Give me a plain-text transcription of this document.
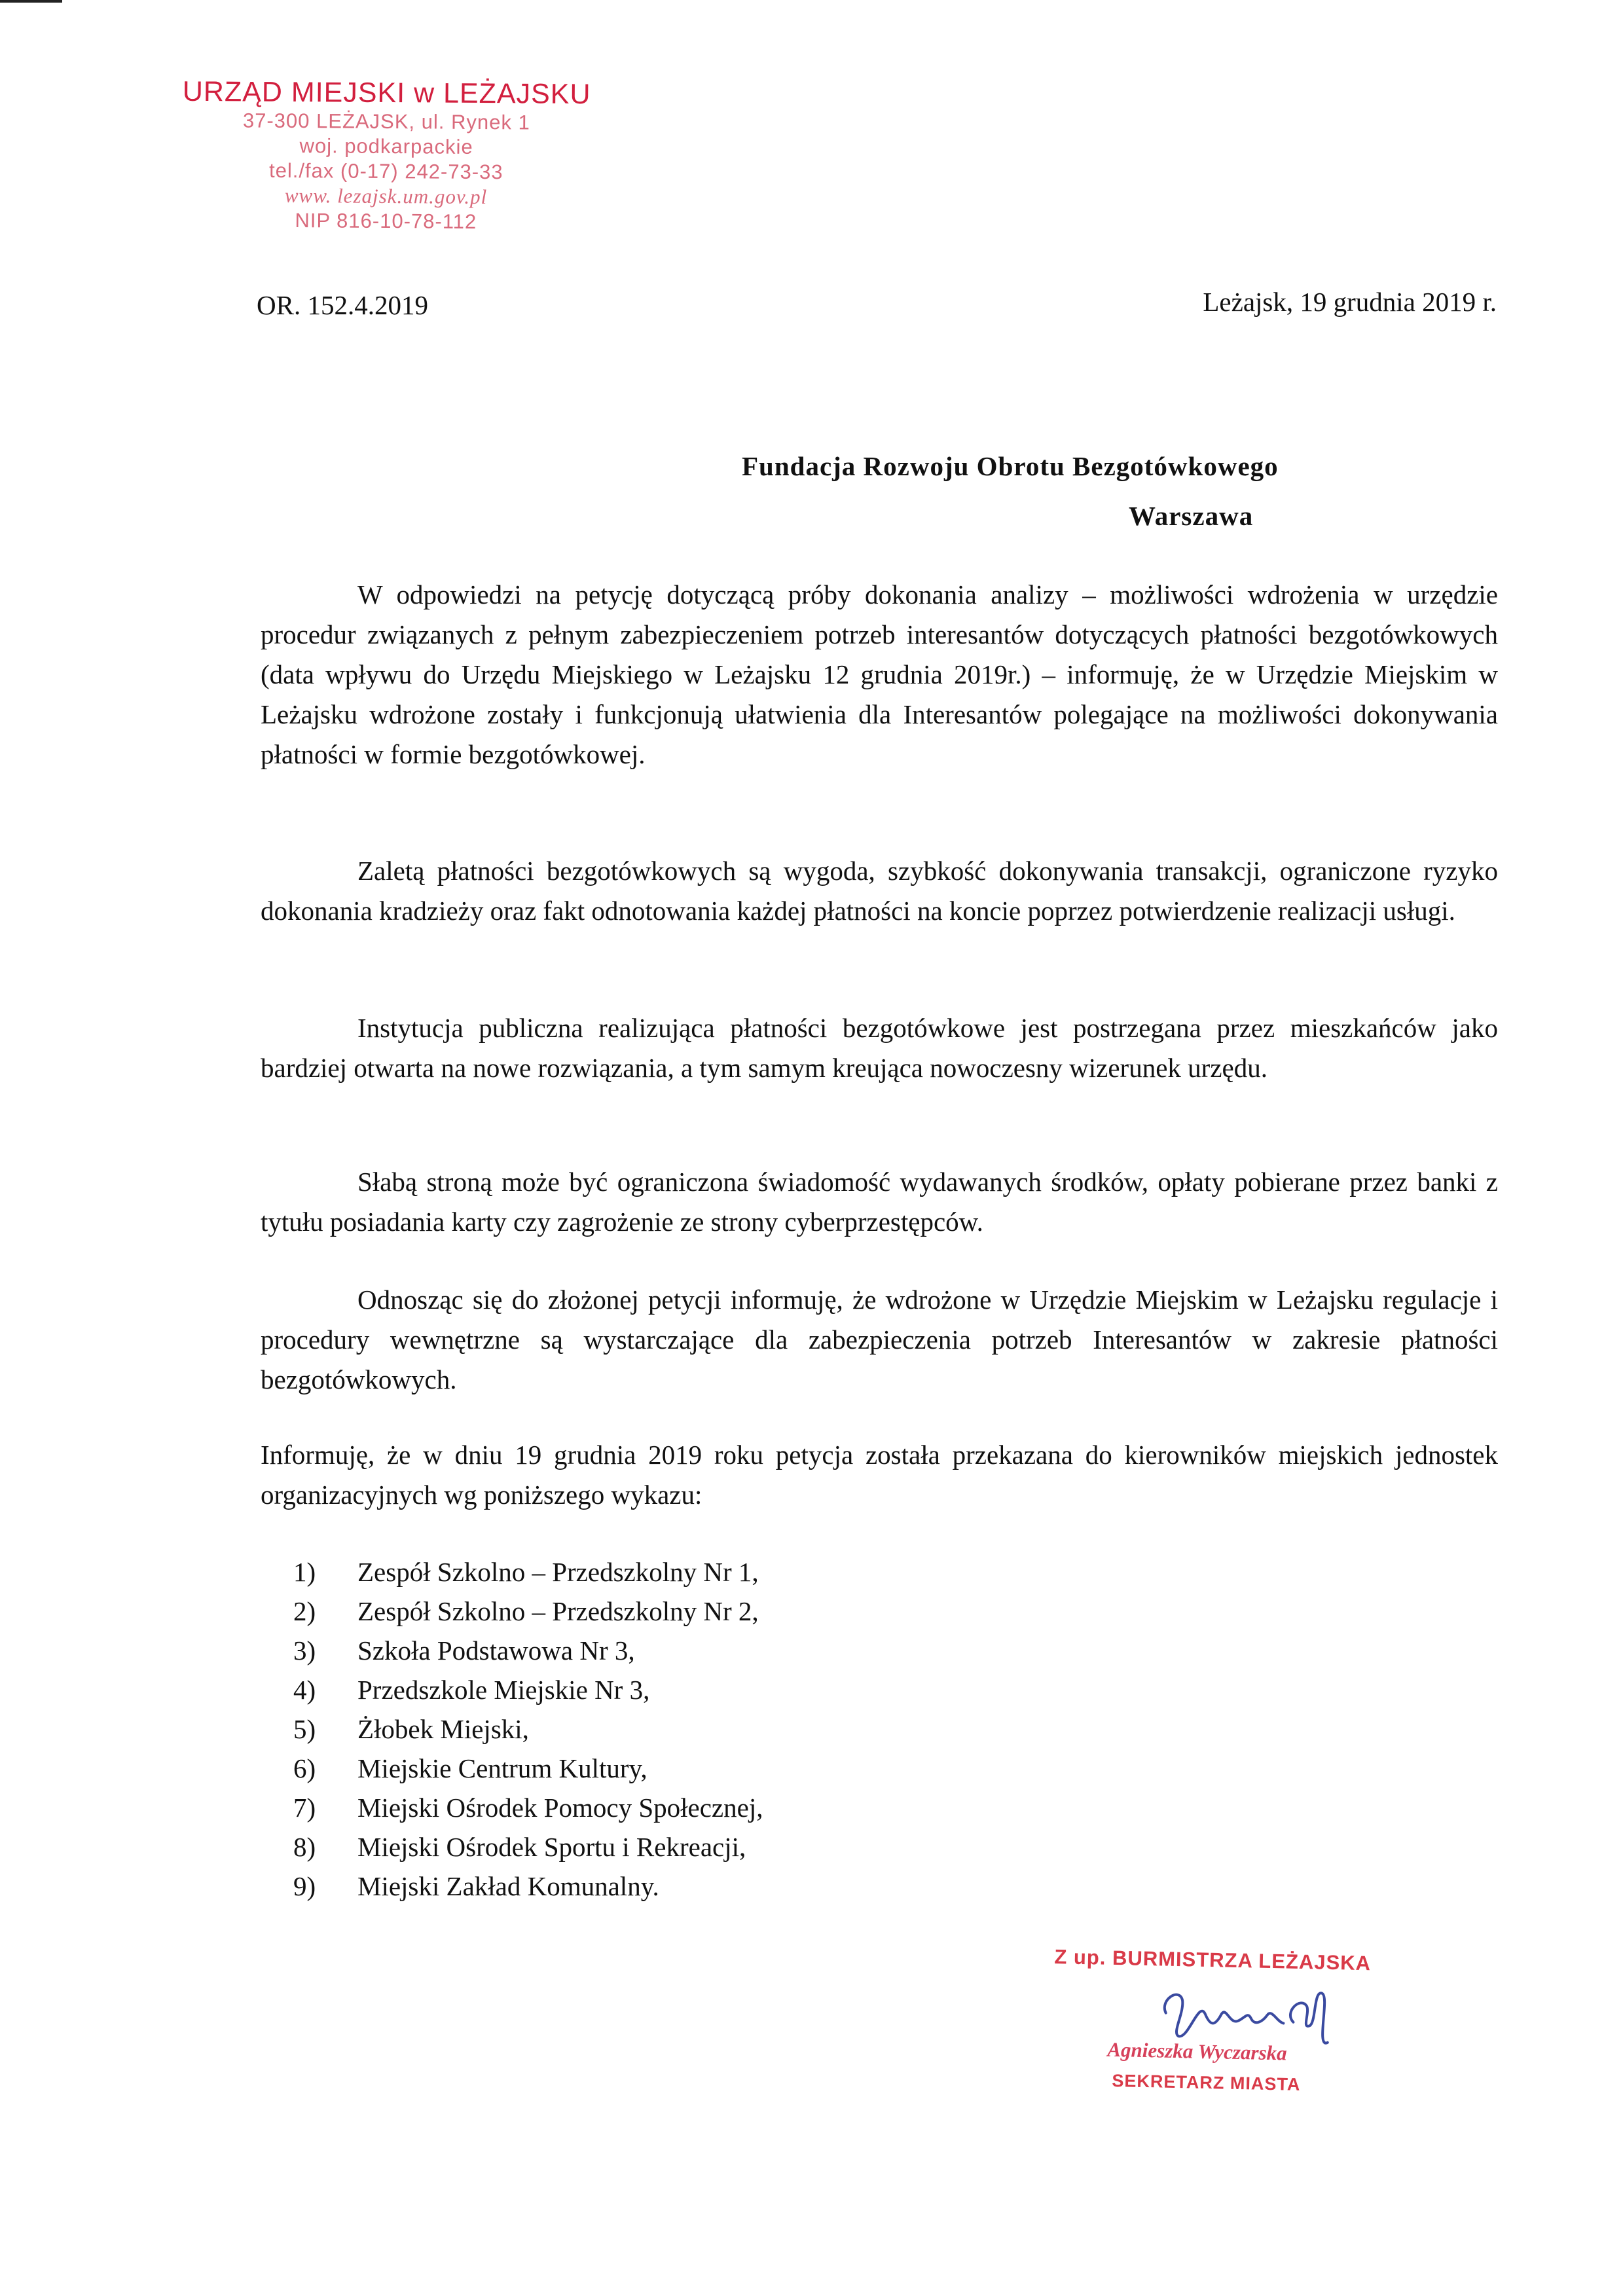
URZĄD MIEJSKI w LEŻAJSKU
37-300 LEŻAJSK, ul. Rynek 1
woj. podkarpackie
tel./fax (0-17) 242-73-33
www. lezajsk.um.gov.pl
NIP 816-10-78-112
OR. 152.4.2019	Leżajsk, 19 grudnia 2019 r.
Fundacja Rozwoju Obrotu Bezgotówkowego
Warszawa

W odpowiedzi na petycję dotyczącą próby dokonania analizy – możliwości wdrożenia w urzędzie procedur związanych z pełnym zabezpieczeniem potrzeb interesantów dotyczących płatności bezgotówkowych (data wpływu do Urzędu Miejskiego w Leżajsku 12 grudnia 2019r.) – informuję, że w Urzędzie Miejskim w Leżajsku wdrożone zostały i funkcjonują ułatwienia dla Interesantów polegające na możliwości dokonywania płatności w formie bezgotówkowej.

Zaletą płatności bezgotówkowych są wygoda, szybkość dokonywania transakcji, ograniczone ryzyko dokonania kradzieży oraz fakt odnotowania każdej płatności na koncie poprzez potwierdzenie realizacji usługi.

Instytucja publiczna realizująca płatności bezgotówkowe jest postrzegana przez mieszkańców jako bardziej otwarta na nowe rozwiązania, a tym samym kreująca nowoczesny wizerunek urzędu.

Słabą stroną może być ograniczona świadomość wydawanych środków, opłaty pobierane przez banki z tytułu posiadania karty czy zagrożenie ze strony cyberprzestępców.

Odnosząc się do złożonej petycji informuję, że wdrożone w Urzędzie Miejskim w Leżajsku regulacje i procedury wewnętrzne są wystarczające dla zabezpieczenia potrzeb Interesantów w zakresie płatności bezgotówkowych.

Informuję, że w dniu 19 grudnia 2019 roku petycja została przekazana do kierowników miejskich jednostek organizacyjnych wg poniższego wykazu:

1)	Zespół Szkolno – Przedszkolny Nr 1,
2)	Zespół Szkolno – Przedszkolny Nr 2,
3)	Szkoła Podstawowa Nr 3,
4)	Przedszkole Miejskie Nr 3,
5)	Żłobek Miejski,
6)	Miejskie Centrum Kultury,
7)	Miejski Ośrodek Pomocy Społecznej,
8)	Miejski Ośrodek Sportu i Rekreacji,
9)	Miejski Zakład Komunalny.
Z up. BURMISTRZA LEŻAJSKA
Agnieszka Wyczarska
SEKRETARZ MIASTA
